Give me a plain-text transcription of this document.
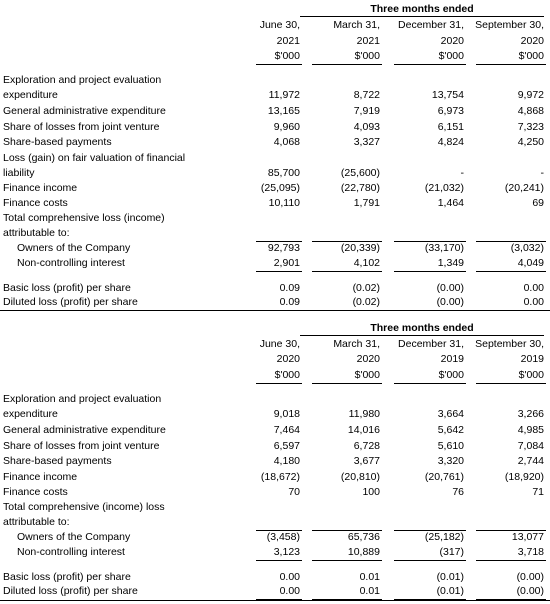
Three months ended
June 30,	March 31,	December 31,	September 30,
2021	2021	2020	2020
$'000	$'000	$'000	$'000
Exploration and project evaluation
expenditure	11,972	8,722	13,754	9,972
General administrative expenditure	13,165	7,919	6,973	4,868
Share of losses from joint venture	9,960	4,093	6,151	7,323
Share-based payments	4,068	3,327	4,824	4,250
Loss (gain) on fair valuation of financial
liability	85,700	(25,600)	-	-
Finance income	(25,095)	(22,780)	(21,032)	(20,241)
Finance costs	10,110	1,791	1,464	69
Total comprehensive loss (income)
attributable to:
Owners of the Company	92,793	(20,339)	(33,170)	(3,032)
Non-controlling interest	2,901	4,102	1,349	4,049
Basic loss (profit) per share	0.09	(0.02)	(0.00)	0.00
Diluted loss (profit) per share	0.09	(0.02)	(0.00)	0.00
Three months ended
June 30,	March 31,	December 31,	September 30,
2020	2020	2019	2019
$'000	$'000	$'000	$'000
Exploration and project evaluation
expenditure	9,018	11,980	3,664	3,266
General administrative expenditure	7,464	14,016	5,642	4,985
Share of losses from joint venture	6,597	6,728	5,610	7,084
Share-based payments	4,180	3,677	3,320	2,744
Finance income	(18,672)	(20,810)	(20,761)	(18,920)
Finance costs	70	100	76	71
Total comprehensive (income) loss
attributable to:
Owners of the Company	(3,458)	65,736	(25,182)	13,077
Non-controlling interest	3,123	10,889	(317)	3,718
Basic loss (profit) per share	0.00	0.01	(0.01)	(0.00)
Diluted loss (profit) per share	0.00	0.01	(0.01)	(0.00)
